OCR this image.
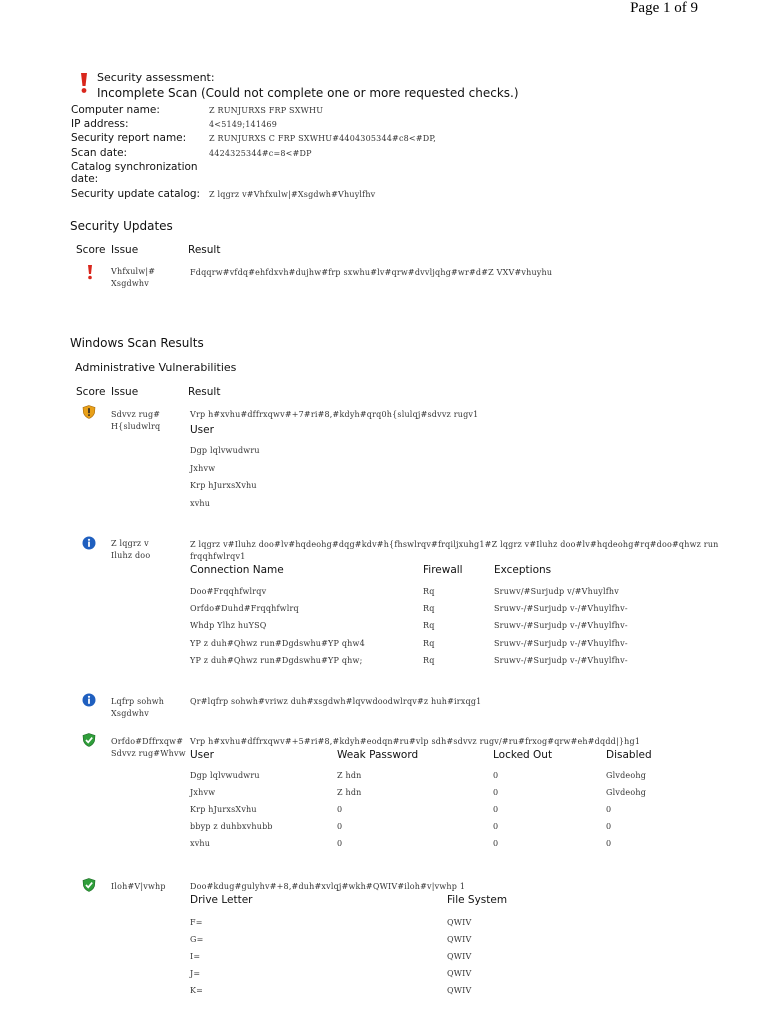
Page 1 of 9
Security assessment:
Incomplete Scan (Could not complete one or more requested checks.)
Computer name:	Z RUNJURXS FRP SXWHU
IP address:	4<5149;141469
Security report name:	Z RUNJURXS C FRP SXWHU#4404305344#c8<#DP,
Scan date:	4424325344#c=8<#DP
Catalog synchronization
date:
Security update catalog: Z lqgrz v#Vhfxulw|#Xsgdwh#Vhuylfhv
Security Updates
Score Issue	Result
Vhfxulw|#
Xsgdwhv
Fdqqrw#vfdq#ehfdxvh#dujhw#frp sxwhu#lv#qrw#dvvljqhg#wr#d#Z VXV#vhuyhu
Windows Scan Results
Administrative Vulnerabilities
Score Issue	Result
Sdvvz rug#
H{sludwlrq
Vrp h#xvhu#dffrxqwv#+7#ri#8,#kdyh#qrq0h{slulqj#sdvvz rugv1
User
Dgp lqlvwudwru
Jxhvw
Krp hJurxsXvhu
xvhu
Z lqgrz v
Iluhz doo
Z lqgrz v#Iluhz doo#lv#hqdeohg#dqg#kdv#h{fhswlrqv#frqiljxuhg1#Z lqgrz v#Iluhz doo#lv#hqdeohg#rq#doo#qhwz run
frqqhfwlrqv1
Connection Name	Firewall	Exceptions
Doo#Frqqhfwlrqv	Rq	Sruwv/#Surjudp v/#Vhuylfhv
Orfdo#Duhd#Frqqhfwlrq	Rq	Sruwv-/#Surjudp v-/#Vhuylfhv-
Whdp Ylhz huYSQ	Rq	Sruwv-/#Surjudp v-/#Vhuylfhv-
YP z duh#Qhwz run#Dgdswhu#YP qhw4	Rq	Sruwv-/#Surjudp v-/#Vhuylfhv-
YP z duh#Qhwz run#Dgdswhu#YP qhw;	Rq	Sruwv-/#Surjudp v-/#Vhuylfhv-
Lqfrp sohwh
Xsgdwhv
Qr#lqfrp sohwh#vriwz duh#xsgdwh#lqvwdoodwlrqv#z huh#irxqg1
Orfdo#Dffrxqw#
Sdvvz rug#Whvw
Vrp h#xvhu#dffrxqwv#+5#ri#8,#kdyh#eodqn#ru#vlp sdh#sdvvz rugv/#ru#frxog#qrw#eh#dqdd|}hg1
User	Weak Password	Locked Out	Disabled
Dgp lqlvwudwru	Z hdn	0	Glvdeohg
Jxhvw	Z hdn	0	Glvdeohg
Krp hJurxsXvhu	0	0	0
bbyp z duhbxvhubb	0	0	0
xvhu	0	0	0
Iloh#V|vwhp	Doo#kdug#gulyhv#+8,#duh#xvlqj#wkh#QWIV#iloh#v|vwhp 1
Drive Letter	File System
F=	QWIV
G=	QWIV
I=	QWIV
J=	QWIV
K=	QWIV
